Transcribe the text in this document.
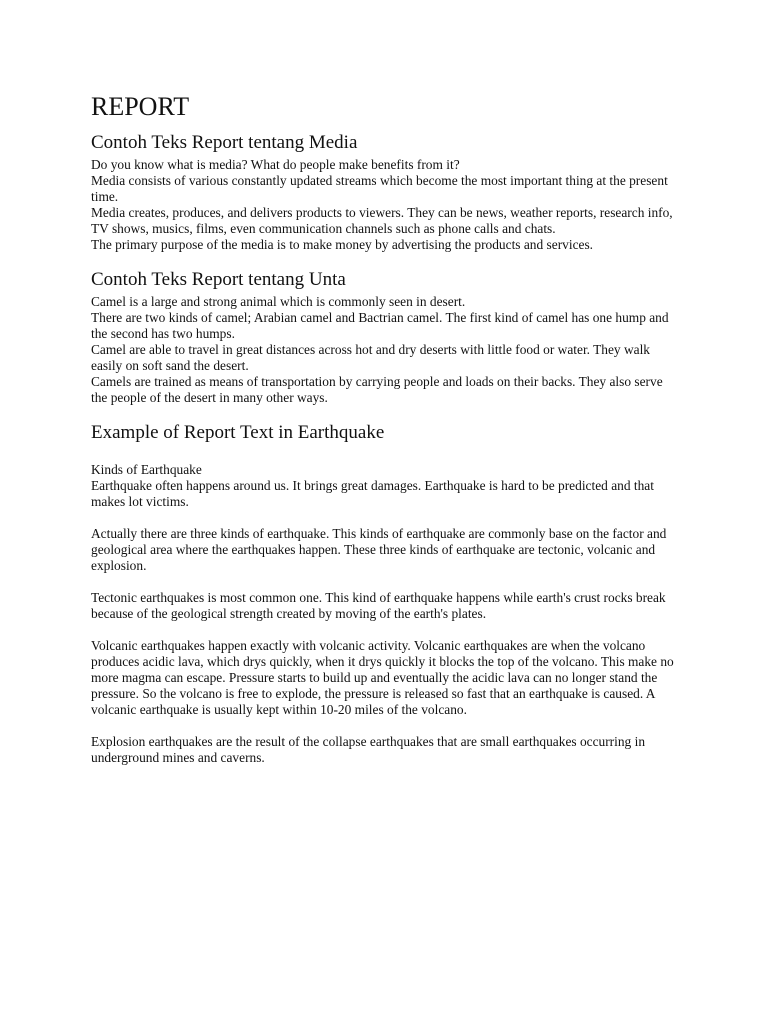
REPORT
Contoh Teks Report tentang Media

Do you know what is media? What do people make benefits from it?

Media consists of various constantly updated streams which become the most important thing at the present time.

Media creates, produces, and delivers products to viewers. They can be news, weather reports, research info, TV shows, musics, films, even communication channels such as phone calls and chats.

The primary purpose of the media is to make money by advertising the products and services.

Contoh Teks Report tentang Unta

Camel is a large and strong animal which is commonly seen in desert.

There are two kinds of camel; Arabian camel and Bactrian camel. The first kind of camel has one hump and the second has two humps.

Camel are able to travel in great distances across hot and dry deserts with little food or water. They walk easily on soft sand the desert.

Camels are trained as means of transportation by carrying people and loads on their backs. They also serve the people of the desert in many other ways.

Example of Report Text in Earthquake

Kinds of Earthquake

Earthquake often happens around us. It brings great damages. Earthquake is hard to be predicted and that makes lot victims.

Actually there are three kinds of earthquake. This kinds of earthquake are commonly base on the factor and geological area where the earthquakes happen. These three kinds of earthquake are tectonic, volcanic and explosion.

Tectonic earthquakes is most common one. This kind of earthquake happens while earth's crust rocks break because of the geological strength created by moving of the earth's plates.

Volcanic earthquakes happen exactly with volcanic activity. Volcanic earthquakes are when the volcano produces acidic lava, which drys quickly, when it drys quickly it blocks the top of the volcano. This make no more magma can escape. Pressure starts to build up and eventually the acidic lava can no longer stand the pressure. So the volcano is free to explode, the pressure is released so fast that an earthquake is caused. A volcanic earthquake is usually kept within 10-20 miles of the volcano.

Explosion earthquakes are the result of the collapse earthquakes that are small earthquakes occurring in underground mines and caverns.
